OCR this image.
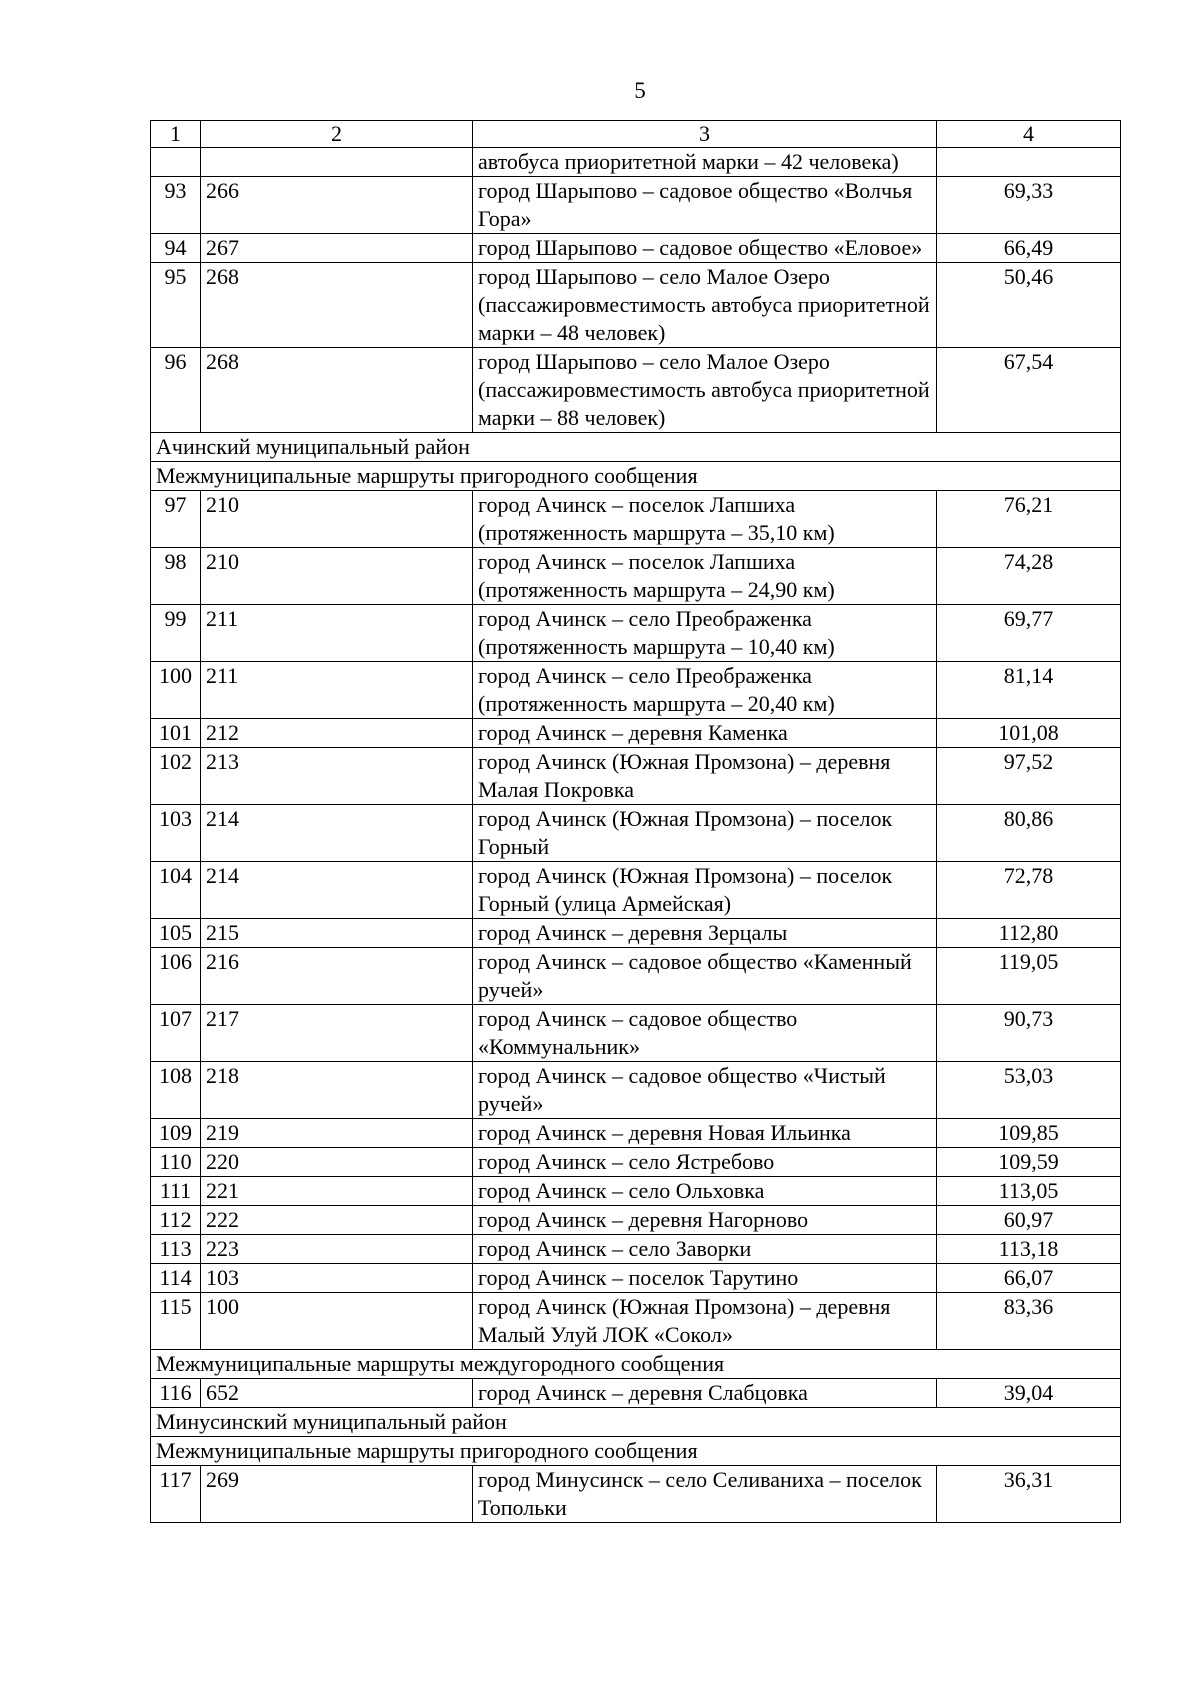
5
1	2	3	4
		автобуса приоритетной марки – 42 человека)	
93	266	город Шарыпово – садовое общество «Волчья Гора»	69,33
94	267	город Шарыпово – садовое общество «Еловое»	66,49
95	268	город Шарыпово – село Малое Озеро (пассажировместимость автобуса приоритетной марки – 48 человек)	50,46
96	268	город Шарыпово – село Малое Озеро (пассажировместимость автобуса приоритетной марки – 88 человек)	67,54
Ачинский муниципальный район			
Межмуниципальные маршруты пригородного сообщения			
97	210	город Ачинск – поселок Лапшиха (протяженность маршрута – 35,10 км)	76,21
98	210	город Ачинск – поселок Лапшиха (протяженность маршрута – 24,90 км)	74,28
99	211	город Ачинск – село Преображенка (протяженность маршрута – 10,40 км)	69,77
100	211	город Ачинск – село Преображенка (протяженность маршрута – 20,40 км)	81,14
101	212	город Ачинск – деревня Каменка	101,08
102	213	город Ачинск (Южная Промзона) – деревня Малая Покровка	97,52
103	214	город Ачинск (Южная Промзона) – поселок Горный	80,86
104	214	город Ачинск (Южная Промзона) – поселок Горный (улица Армейская)	72,78
105	215	город Ачинск – деревня Зерцалы	112,80
106	216	город Ачинск – садовое общество «Каменный ручей»	119,05
107	217	город Ачинск – садовое общество «Коммунальник»	90,73
108	218	город Ачинск – садовое общество «Чистый ручей»	53,03
109	219	город Ачинск – деревня Новая Ильинка	109,85
110	220	город Ачинск – село Ястребово	109,59
111	221	город Ачинск – село Ольховка	113,05
112	222	город Ачинск – деревня Нагорново	60,97
113	223	город Ачинск – село Заворки	113,18
114	103	город Ачинск – поселок Тарутино	66,07
115	100	город Ачинск (Южная Промзона) – деревня Малый Улуй ЛОК «Сокол»	83,36
Межмуниципальные маршруты междугородного сообщения			
116	652	город Ачинск – деревня Слабцовка	39,04
Минусинский муниципальный район			
Межмуниципальные маршруты пригородного сообщения			
117	269	город Минусинск – село Селиваниха – поселок Топольки	36,31
